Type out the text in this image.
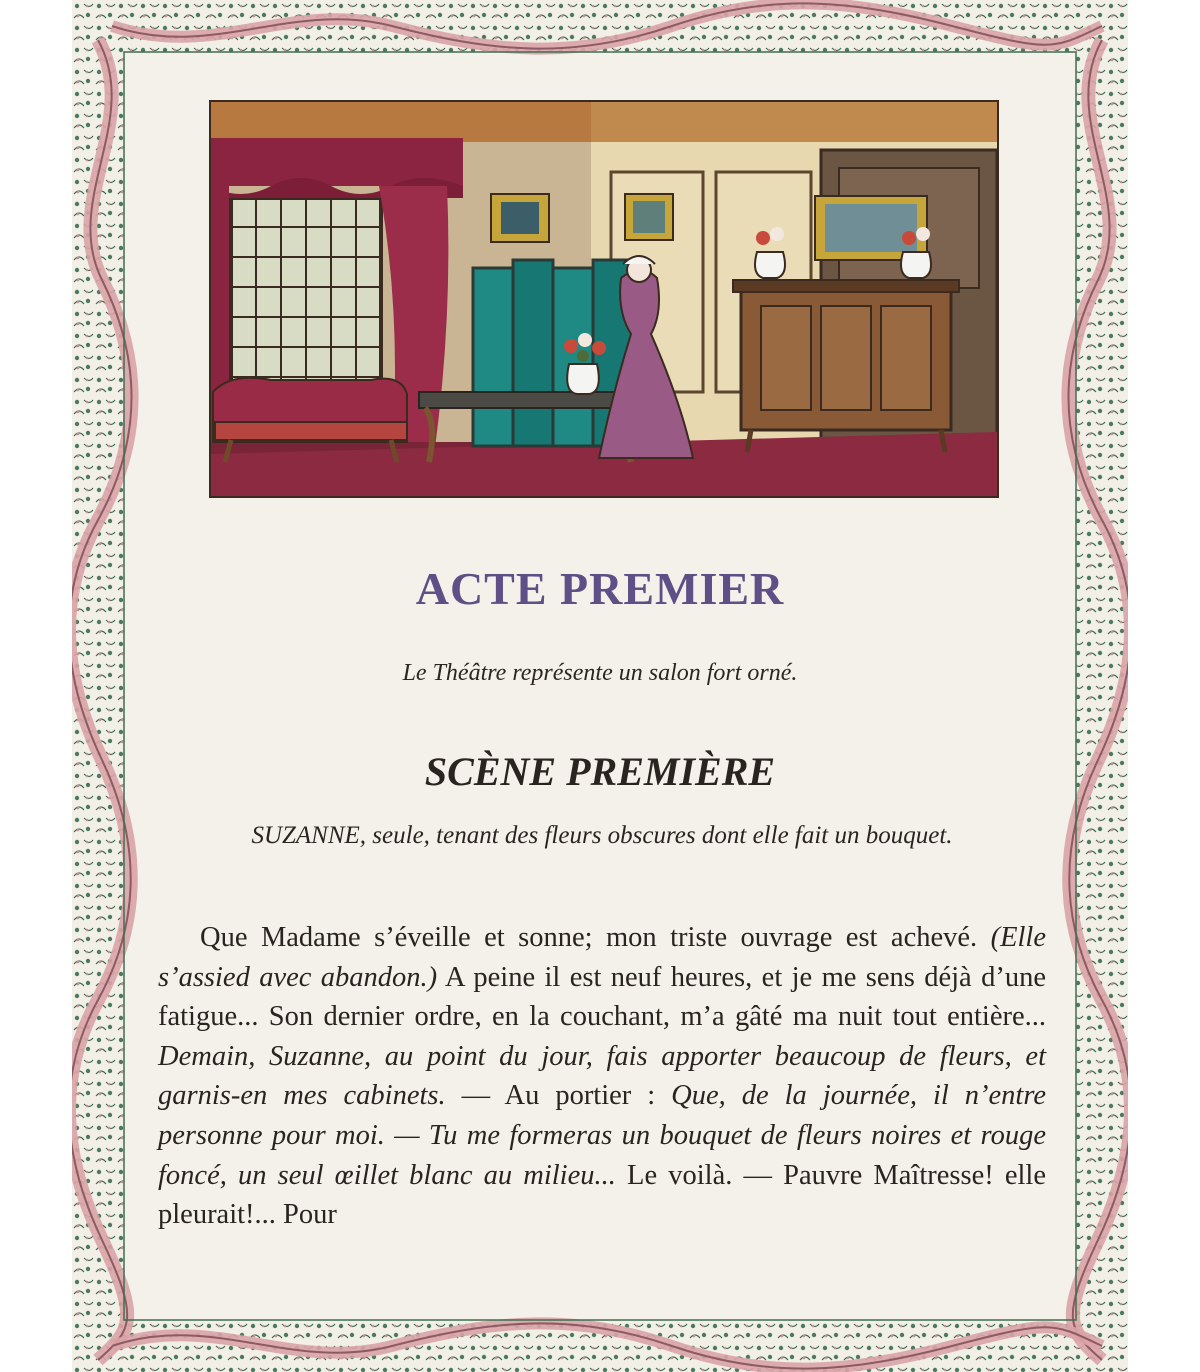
ACTE PREMIER

Le Théâtre représente un salon fort orné.

SCÈNE PREMIÈRE

SUZANNE, seule, tenant des fleurs obscures dont elle fait un bouquet.

Que Madame s’éveille et sonne; mon triste ouvrage est achevé. (Elle s’assied avec abandon.) A peine il est neuf heures, et je me sens déjà d’une fatigue... Son dernier ordre, en la couchant, m’a gâté ma nuit tout entière... Demain, Suzanne, au point du jour, fais apporter beaucoup de fleurs, et garnis-en mes cabinets. — Au portier : Que, de la journée, il n’entre personne pour moi. — Tu me formeras un bouquet de fleurs noires et rouge foncé, un seul œillet blanc au milieu... Le voilà. — Pauvre Maîtresse! elle pleurait!... Pour
